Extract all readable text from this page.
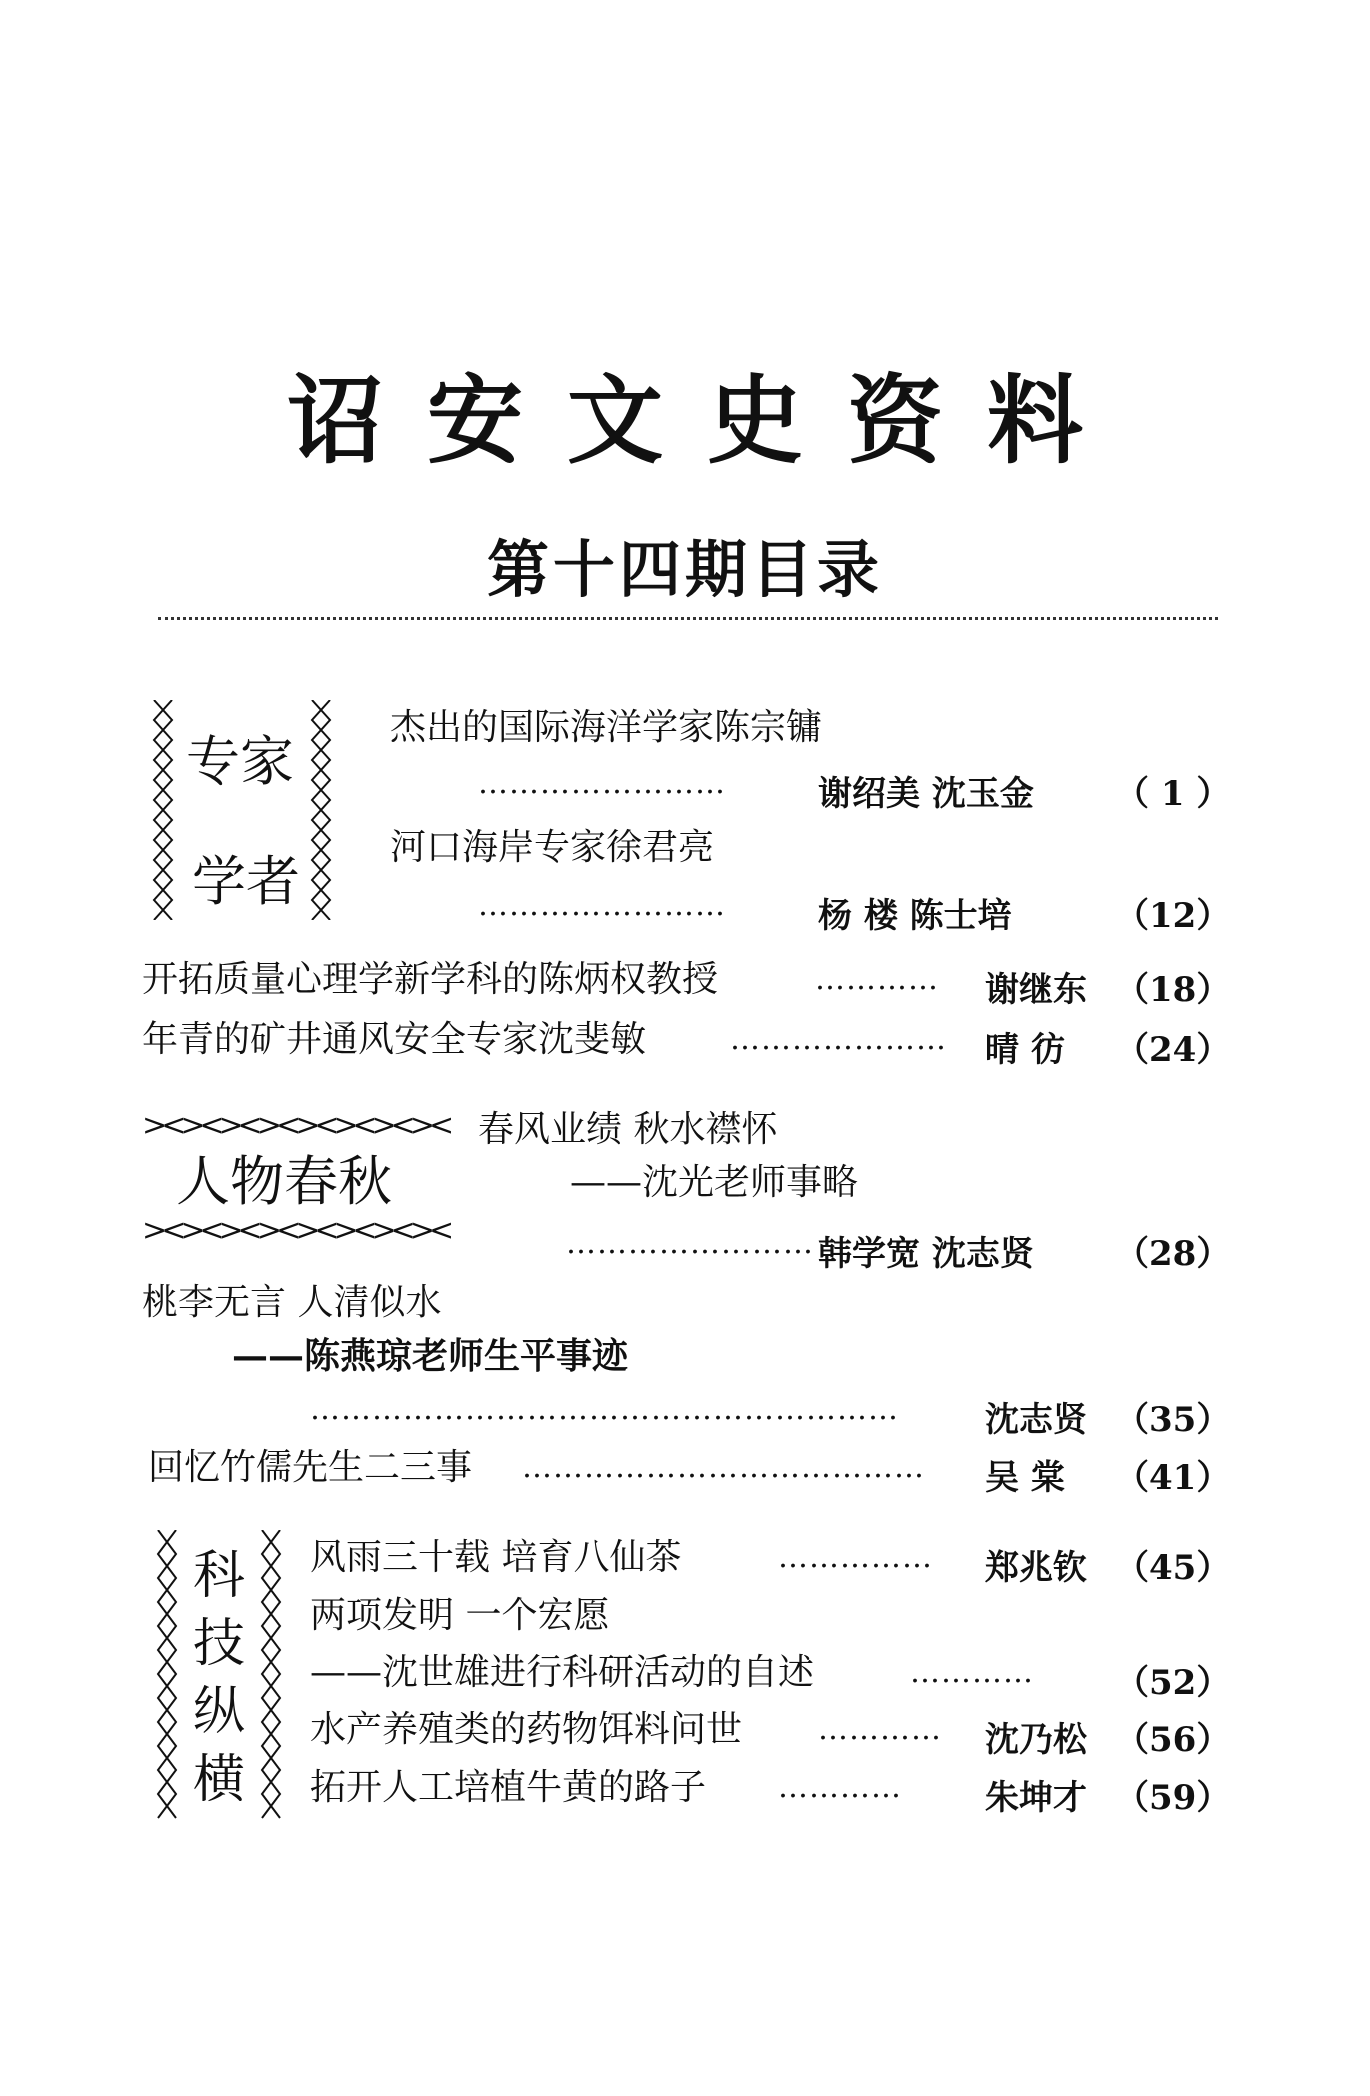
诏安文史资料
第十四期目录
专家
学者
杰出的国际海洋学家陈宗镛
……………………	谢绍美 沈玉金 （ 1 ）
河口海岸专家徐君亮
……………………	杨 楼 陈士培	（12）
开拓质量心理学新学科的陈炳权教授	………… 谢继东 （18）
年青的矿井通风安全专家沈斐敏	………………… 晴 彷 （24）
><><><><><><><><
人物春秋
><><><><><><><><
春风业绩 秋水襟怀
——沈光老师事略
…………………… 韩学宽 沈志贤 （28）
桃李无言 人清似水
——陈燕琼老师生平事迹
…………………………………………………	沈志贤 （35）
回忆竹儒先生二三事 ………………………………… 吴 棠 （41）
科
技
纵
横
风雨三十载 培育八仙茶	…………… 郑兆钦 （45）
两项发明 一个宏愿
——沈世雄进行科研活动的自述	………… （52）
水产养殖类的药物饵料问世	………… 沈乃松 （56）
拓开人工培植牛黄的路子 ………… 朱坤才 （59）
